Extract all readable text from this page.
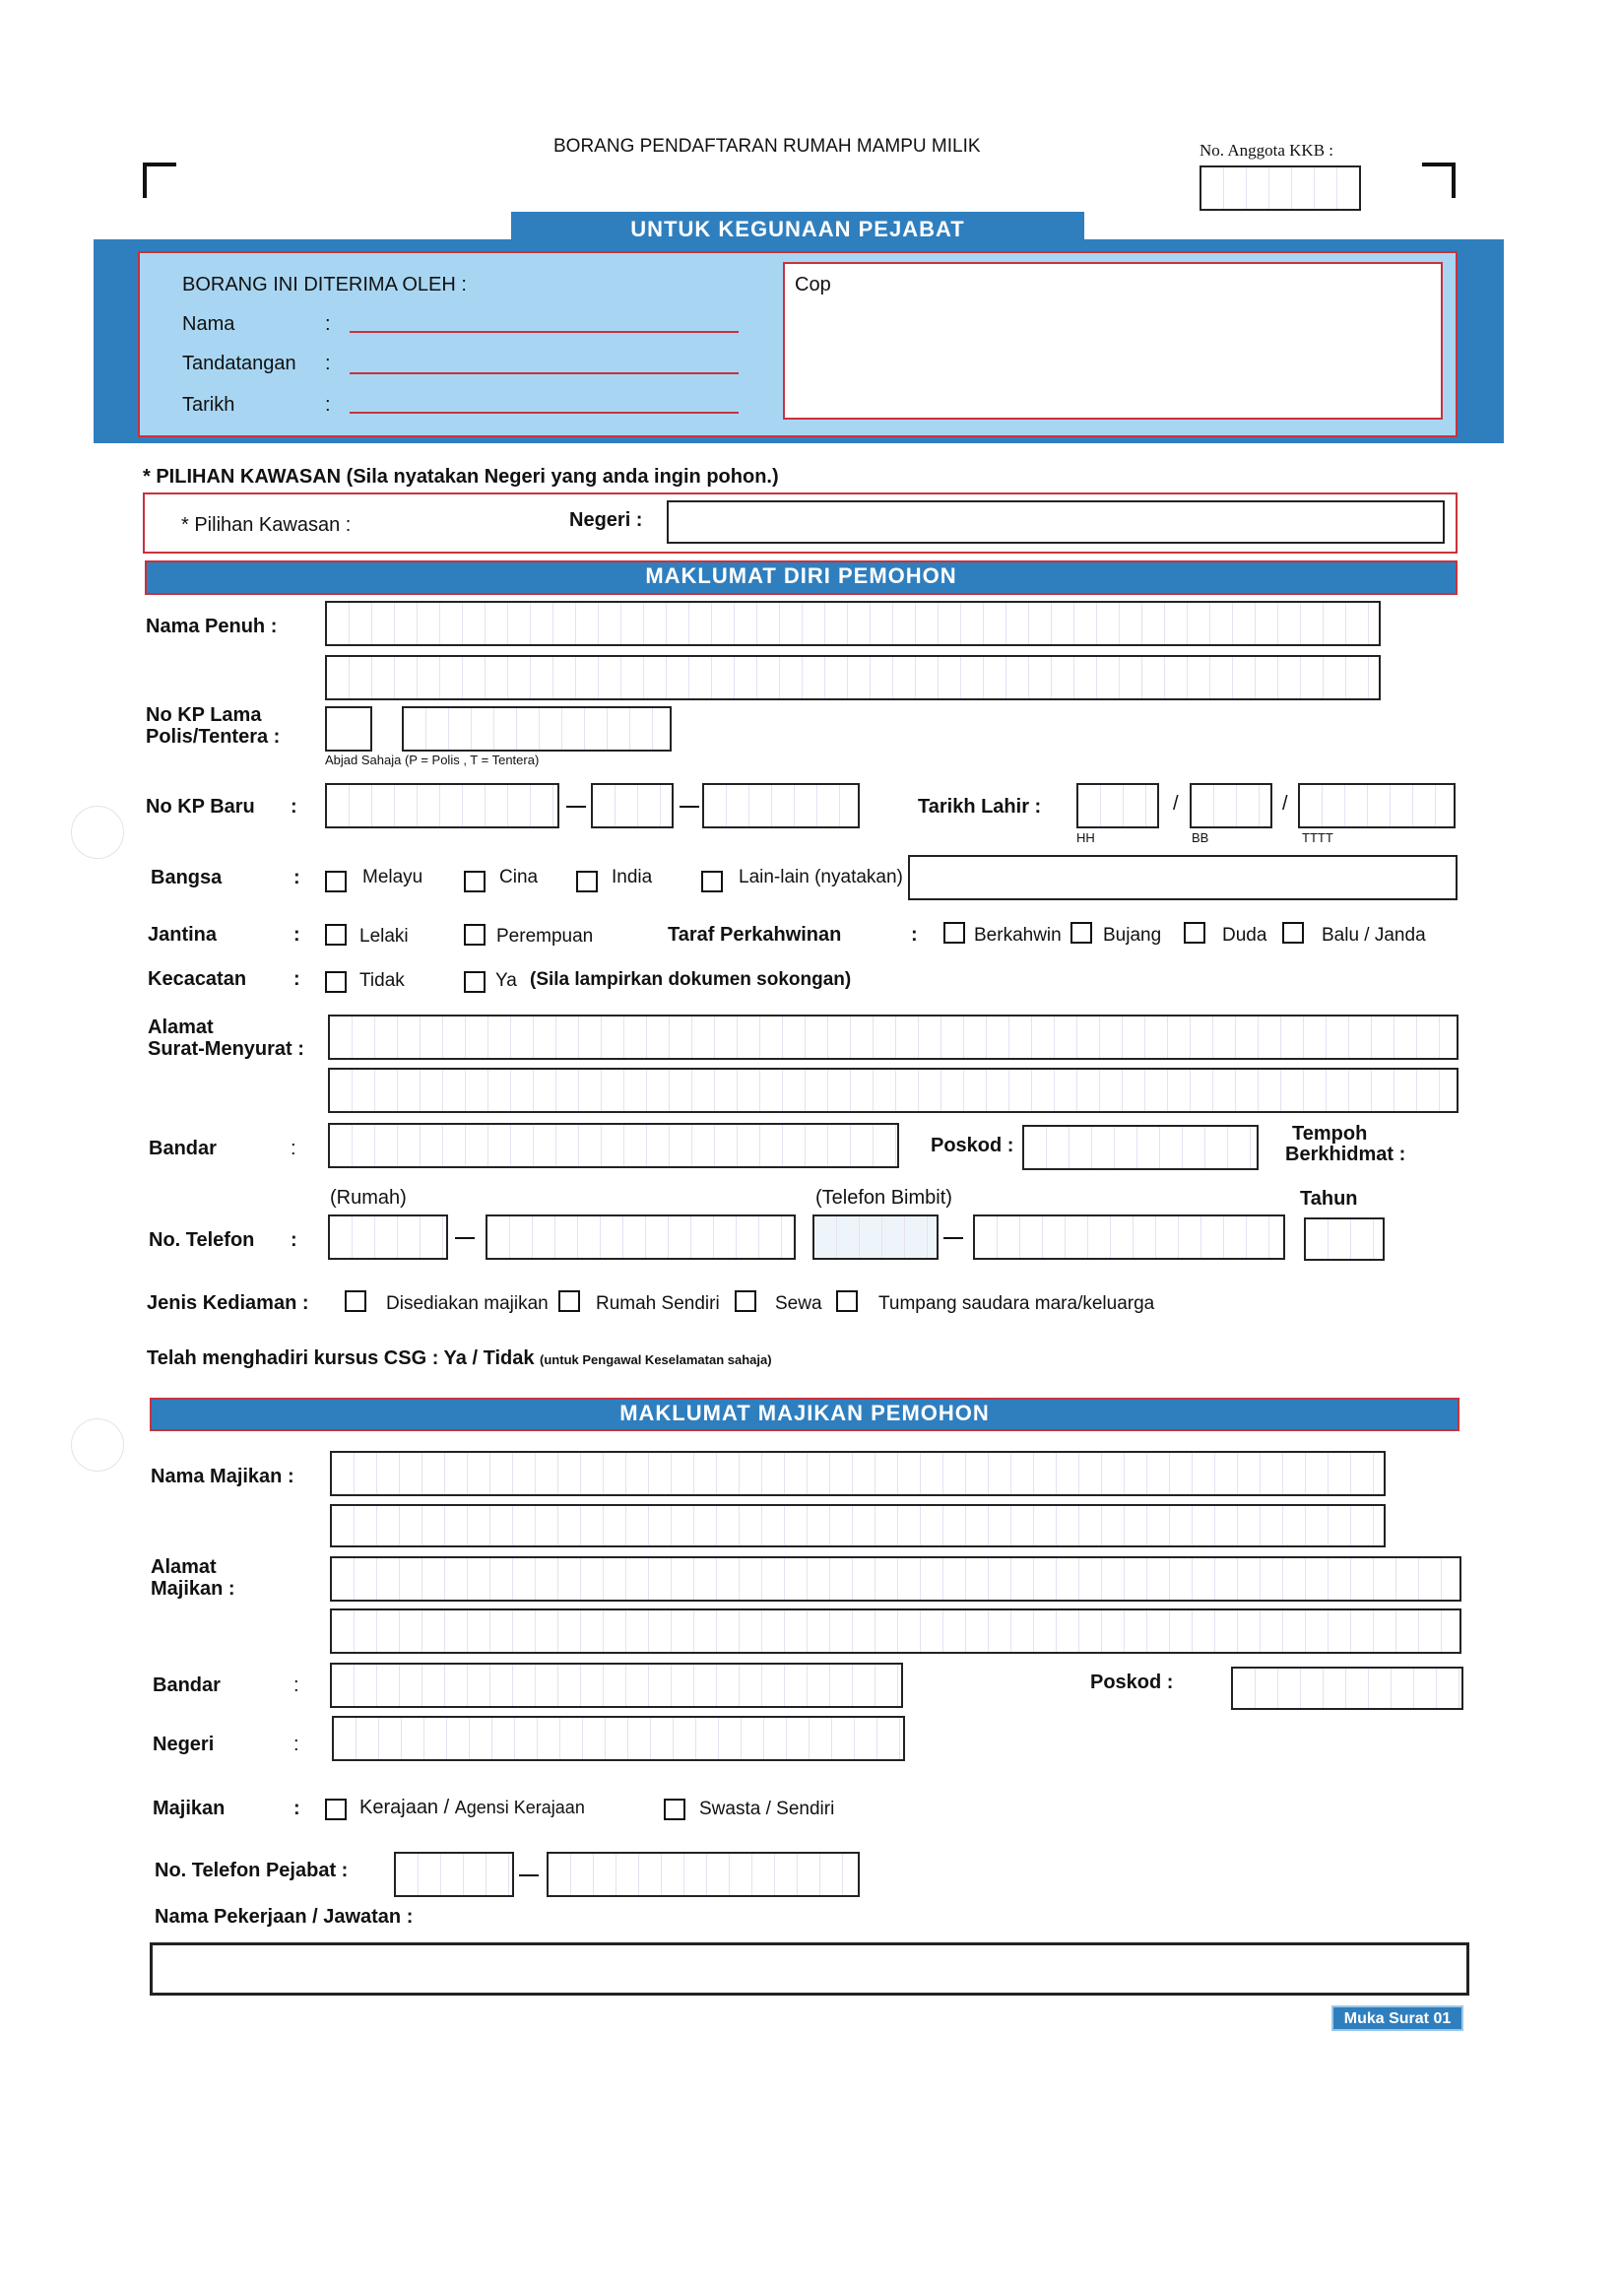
BORANG PENDAFTARAN RUMAH MAMPU MILIK	No. Anggota KKB :
UNTUK KEGUNAAN PEJABAT
BORANG INI DITERIMA OLEH :
Nama	:
Tandatangan :
Tarikh	:
Cop
* PILIHAN KAWASAN (Sila nyatakan Negeri yang anda ingin pohon.)
* Pilihan Kawasan :	Negeri :
MAKLUMAT DIRI PEMOHON
Nama Penuh :
No KP Lama
Polis/Tentera :
Abjad Sahaja (P = Polis , T = Tentera)
No KP Baru :	Tarikh Lahir :	/	/
HH	BB	TTTT
Bangsa	:	Melayu	Cina	India	Lain-lain (nyatakan)
Jantina	:	Lelaki	Perempuan	Taraf Perkahwinan	:	Berkahwin Bujang	Duda	Balu / Janda
Kecacatan :	Tidak	Ya (Sila lampirkan dokumen sokongan)
Alamat
Surat-Menyurat :
Bandar	:	Poskod :
Tempoh
Berkhidmat :
(Rumah)	(Telefon Bimbit)	Tahun
No. Telefon :
Jenis Kediaman :	Disediakan majikan	Rumah Sendiri	Sewa	Tumpang saudara mara/keluarga
Telah menghadiri kursus CSG : Ya / Tidak (untuk Pengawal Keselamatan sahaja)
MAKLUMAT MAJIKAN PEMOHON
Nama Majikan :
Alamat
Majikan :
Bandar	:	Poskod :
Negeri	:
Majikan	:	Kerajaan / Agensi Kerajaan	Swasta / Sendiri
No. Telefon Pejabat :
Nama Pekerjaan / Jawatan :
Muka Surat 01
